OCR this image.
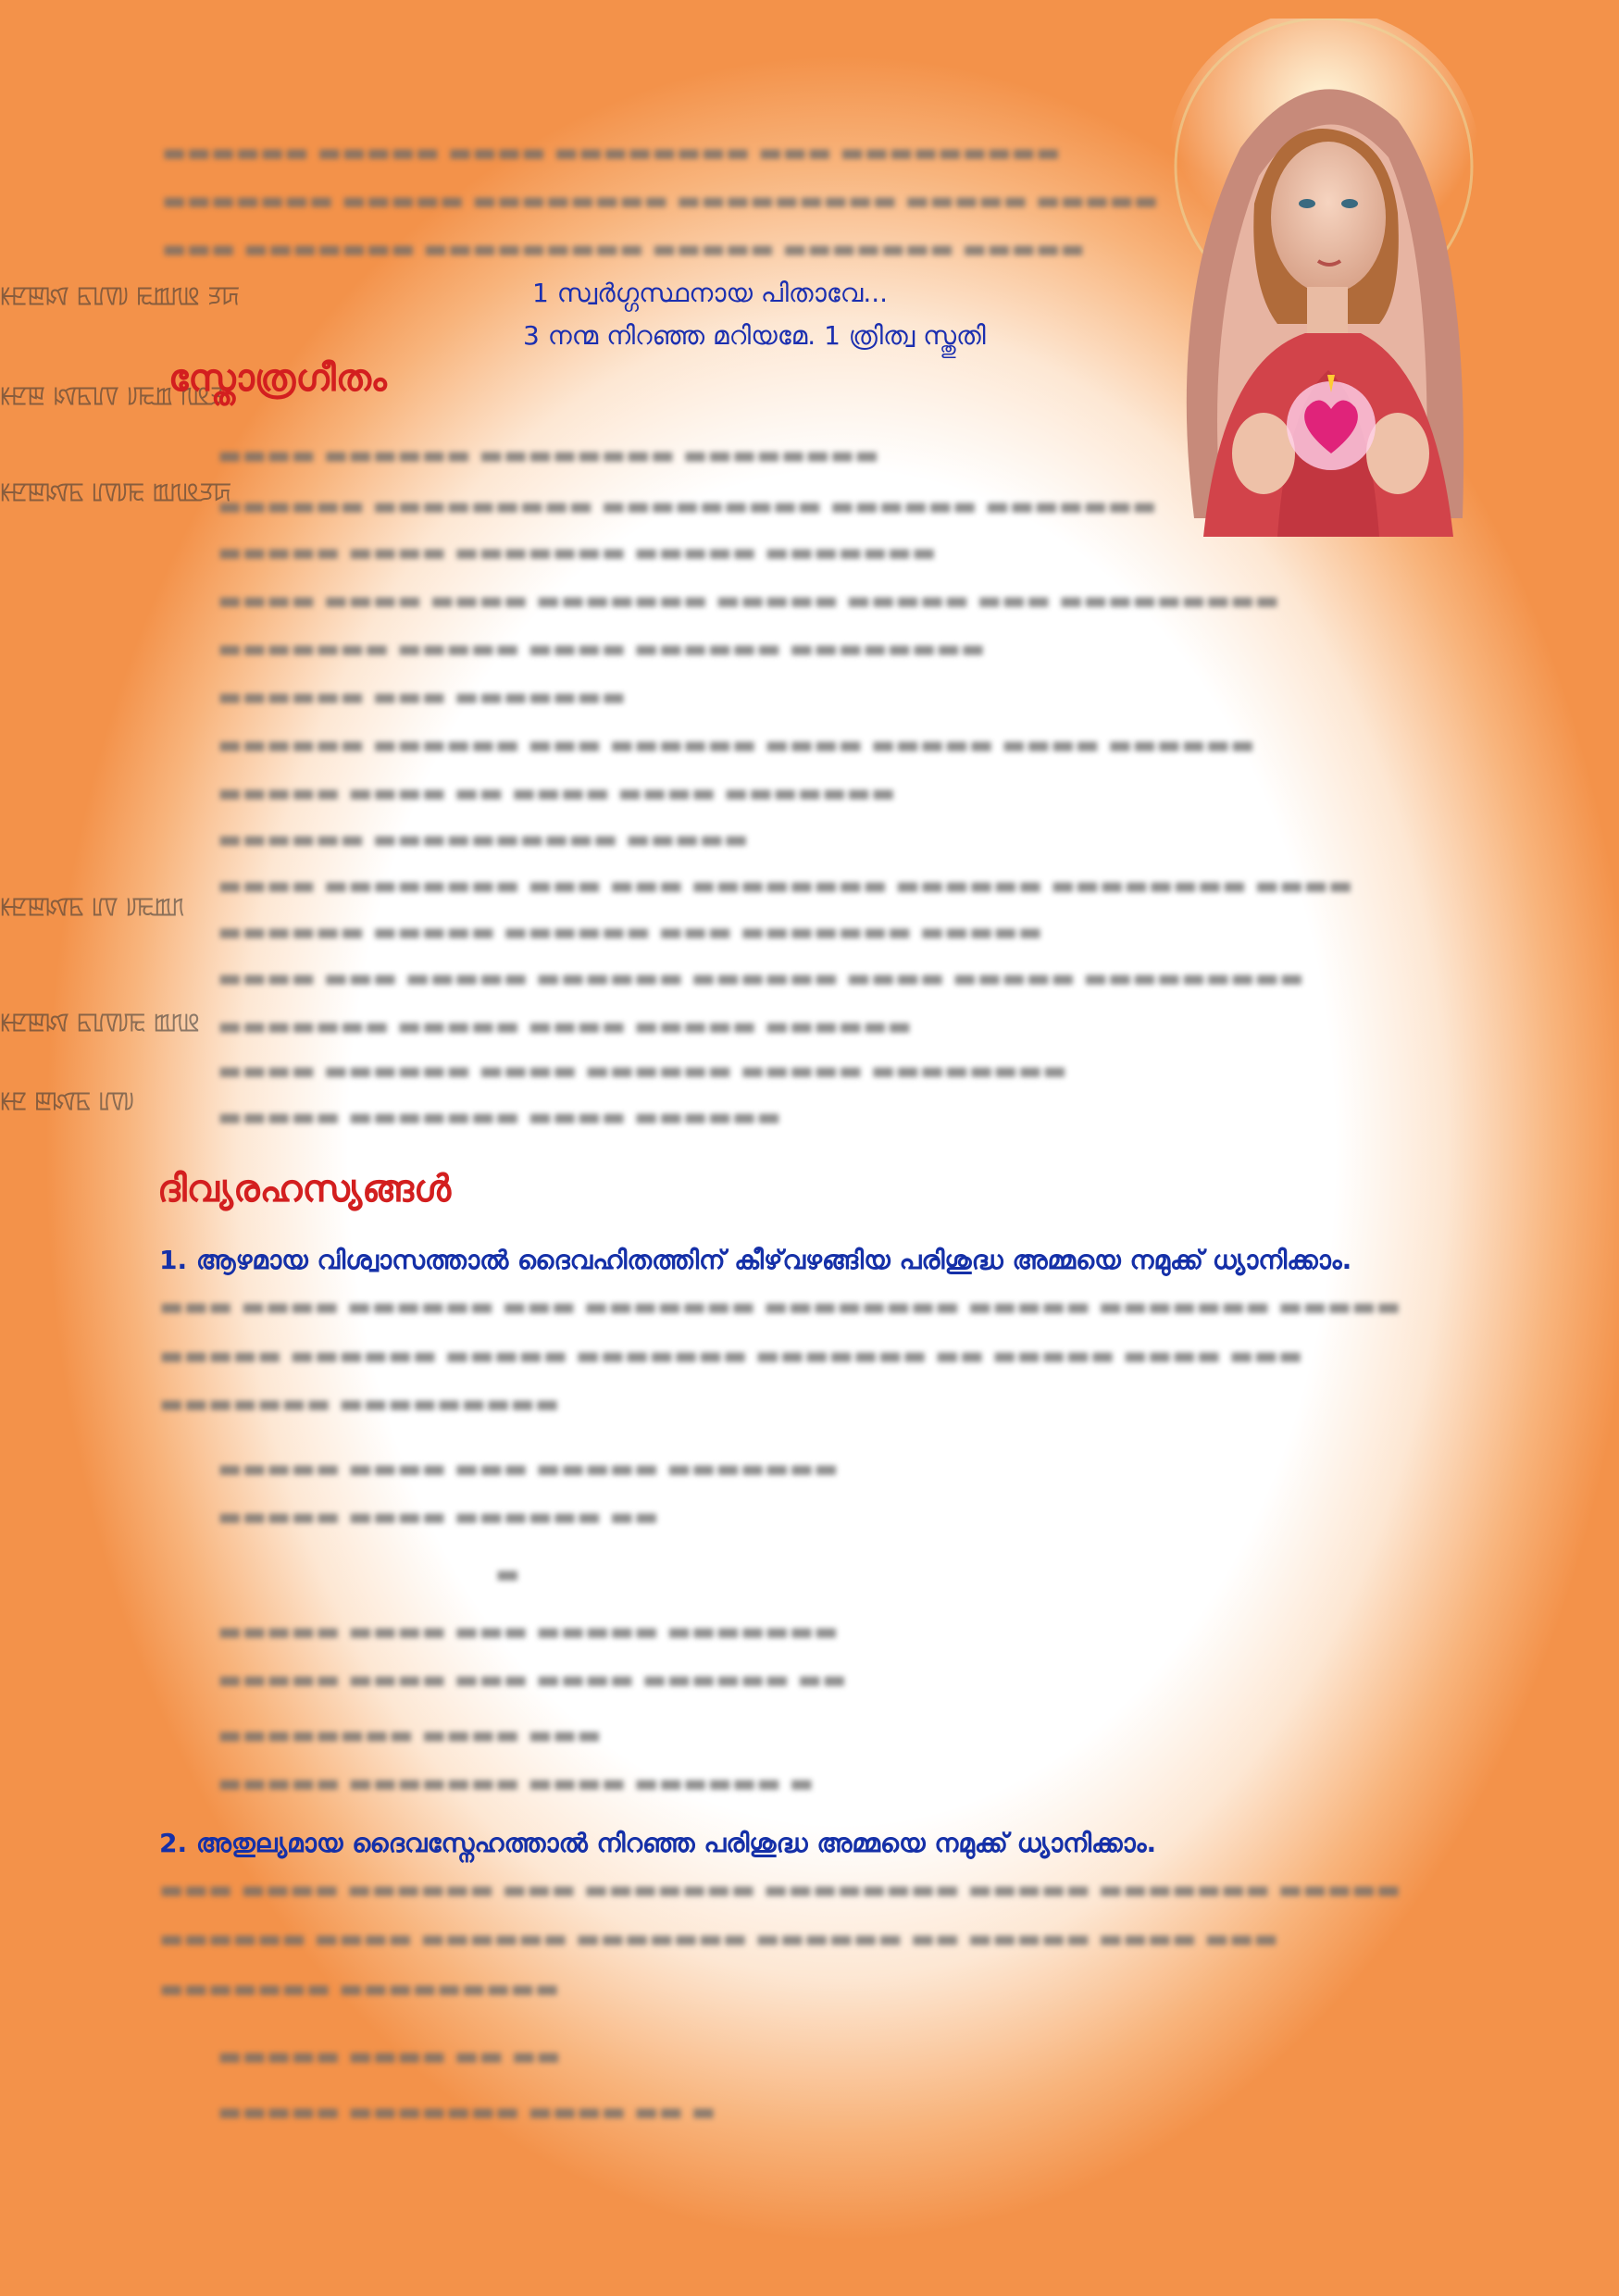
▬▬▬▬▬▬ ▬▬▬▬▬ ▬▬▬▬ ▬▬▬▬▬▬▬▬ ▬▬▬ ▬▬▬▬▬▬▬▬▬
▬▬▬▬▬▬▬ ▬▬▬▬▬ ▬▬▬▬▬▬▬▬ ▬▬▬▬▬▬▬▬▬ ▬▬▬▬▬ ▬▬▬▬▬
▬▬▬ ▬▬▬▬▬▬▬ ▬▬▬▬▬▬▬▬▬ ▬▬▬▬▬ ▬▬▬▬▬▬▬ ▬▬▬▬▬
ꡡꡢꡣꡤ ꡥꡦꡧꡨ ꡩꡪꡫꡬ ꡭꡮ
ꡡꡢꡣ ꡤꡥꡦꡧ ꡨꡩꡪ ꡫꡬꡭ
ꡡꡢꡣꡤꡥ ꡦꡧꡨꡩ ꡪꡫꡬꡭꡮ
1 സ്വർഗ്ഗസ്ഥനായ പിതാവേ...
3 നന്മ നിറഞ്ഞ മറിയമേ. 1 ത്രിത്വ സ്തുതി
സ്തോത്രഗീതം
▬▬▬▬ ▬▬▬▬▬▬ ▬▬▬▬▬▬▬▬ ▬▬▬▬▬▬▬▬
▬▬▬▬▬▬ ▬▬▬▬▬▬▬▬▬ ▬▬▬▬▬▬▬▬▬ ▬▬▬▬▬▬ ▬▬▬▬▬▬▬
▬▬▬▬▬ ▬▬▬▬ ▬▬▬▬▬▬▬ ▬▬▬▬▬ ▬▬▬▬▬▬▬
▬▬▬▬ ▬▬▬▬ ▬▬▬▬ ▬▬▬▬▬▬▬ ▬▬▬▬▬ ▬▬▬▬▬ ▬▬▬ ▬▬▬▬▬▬▬▬▬
▬▬▬▬▬▬▬ ▬▬▬▬▬ ▬▬▬▬ ▬▬▬▬▬▬ ▬▬▬▬▬▬▬▬
▬▬▬▬▬▬ ▬▬▬ ▬▬▬▬▬▬▬
▬▬▬▬▬▬ ▬▬▬▬▬▬ ▬▬▬ ▬▬▬▬▬▬ ▬▬▬▬ ▬▬▬▬▬ ▬▬▬▬ ▬▬▬▬▬▬
▬▬▬▬▬ ▬▬▬▬ ▬▬ ▬▬▬▬ ▬▬▬▬ ▬▬▬▬▬▬▬
▬▬▬▬▬▬ ▬▬▬▬▬▬▬▬▬▬ ▬▬▬▬▬
▬▬▬▬ ▬▬▬▬▬▬▬▬ ▬▬▬ ▬▬▬ ▬▬▬▬▬▬▬▬ ▬▬▬▬▬▬ ▬▬▬▬▬▬▬▬ ▬▬▬▬
▬▬▬▬▬▬ ▬▬▬▬▬ ▬▬▬▬▬▬ ▬▬▬ ▬▬▬▬▬▬▬ ▬▬▬▬▬
▬▬▬▬ ▬▬▬ ▬▬▬▬▬ ▬▬▬▬▬▬ ▬▬▬▬▬▬ ▬▬▬▬ ▬▬▬▬▬ ▬▬▬▬▬▬▬▬▬
▬▬▬▬▬▬▬ ▬▬▬▬▬ ▬▬▬▬ ▬▬▬▬▬ ▬▬▬▬▬▬
▬▬▬▬ ▬▬▬▬▬▬ ▬▬▬▬ ▬▬▬▬▬▬ ▬▬▬▬▬ ▬▬▬▬▬▬▬▬
▬▬▬▬▬ ▬▬▬▬▬▬▬ ▬▬▬▬ ▬▬▬▬▬▬
ꡡꡢꡣꡤꡥ ꡦꡧ ꡨꡩꡪꡫ
ꡡꡢꡣꡤ ꡥꡦꡧꡨꡩ ꡪꡫꡬ
ꡡꡢ ꡣꡤꡥ ꡦꡧꡨ
ദിവ്യരഹസ്യങ്ങൾ
1. ആഴമായ വിശ്വാസത്താൽ ദൈവഹിതത്തിന് കീഴ്‌വഴങ്ങിയ പരിശുദ്ധ അമ്മയെ നമുക്ക് ധ്യാനിക്കാം.
▬▬▬ ▬▬▬▬ ▬▬▬▬▬▬ ▬▬▬ ▬▬▬▬▬▬▬ ▬▬▬▬▬▬▬▬ ▬▬▬▬▬ ▬▬▬▬▬▬▬ ▬▬▬▬▬
▬▬▬▬▬ ▬▬▬▬▬▬ ▬▬▬▬▬ ▬▬▬▬▬▬▬ ▬▬▬▬▬▬▬ ▬▬ ▬▬▬▬▬ ▬▬▬▬ ▬▬▬
▬▬▬▬▬▬▬ ▬▬▬▬▬▬▬▬▬
▬▬▬▬▬ ▬▬▬▬ ▬▬▬ ▬▬▬▬▬ ▬▬▬▬▬▬▬
▬▬▬▬▬ ▬▬▬▬ ▬▬▬▬▬▬ ▬▬
▬
▬▬▬▬▬ ▬▬▬▬ ▬▬▬ ▬▬▬▬▬ ▬▬▬▬▬▬▬
▬▬▬▬▬ ▬▬▬▬ ▬▬▬ ▬▬▬▬ ▬▬▬▬▬▬ ▬▬
▬▬▬▬▬▬▬▬ ▬▬▬▬ ▬▬▬
▬▬▬▬▬ ▬▬▬▬▬▬▬ ▬▬▬▬ ▬▬▬▬▬▬ ▬
2. അതുല്യമായ ദൈവസ്നേഹത്താൽ നിറഞ്ഞ പരിശുദ്ധ അമ്മയെ നമുക്ക് ധ്യാനിക്കാം.
▬▬▬ ▬▬▬▬ ▬▬▬▬▬▬ ▬▬▬ ▬▬▬▬▬▬▬ ▬▬▬▬▬▬▬▬ ▬▬▬▬▬ ▬▬▬▬▬▬▬ ▬▬▬▬▬
▬▬▬▬▬▬ ▬▬▬▬ ▬▬▬▬▬▬ ▬▬▬▬▬▬▬ ▬▬▬▬▬▬ ▬▬ ▬▬▬▬▬ ▬▬▬▬ ▬▬▬
▬▬▬▬▬▬▬ ▬▬▬▬▬▬▬▬▬
▬▬▬▬▬ ▬▬▬▬ ▬▬ ▬▬
▬▬▬▬▬ ▬▬▬▬▬▬▬ ▬▬▬▬ ▬▬ ▬
